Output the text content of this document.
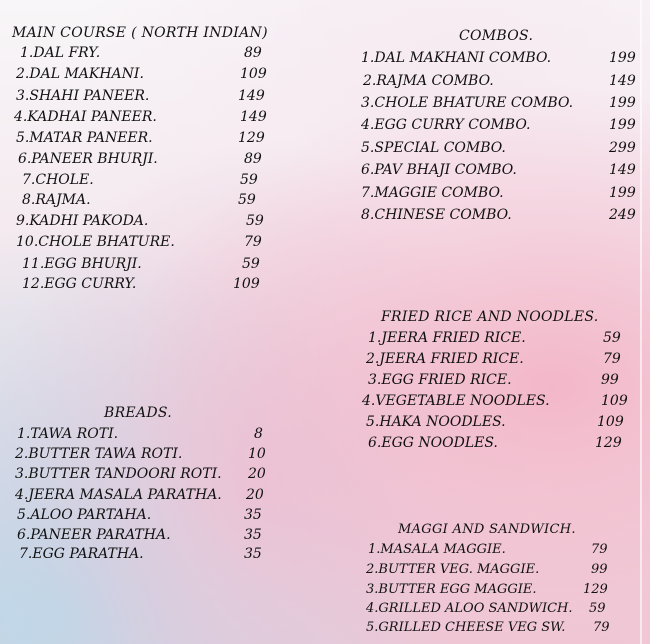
MAIN COURSE ( NORTH INDIAN)
1.DAL FRY.	89
2.DAL MAKHANI.	109
3.SHAHI PANEER.	149
4.KADHAI PANEER.	149
5.MATAR PANEER.	129
6.PANEER BHURJI.	89
7.CHOLE.	59
8.RAJMA.	59
9.KADHI PAKODA.	59
10.CHOLE BHATURE.	79
11.EGG BHURJI.	59
12.EGG CURRY.	109
COMBOS.
1.DAL MAKHANI COMBO.	199
2.RAJMA COMBO.	149
3.CHOLE BHATURE COMBO.	199
4.EGG CURRY COMBO.	199
5.SPECIAL COMBO.	299
6.PAV BHAJI COMBO.	149
7.MAGGIE COMBO.	199
8.CHINESE COMBO.	249
FRIED RICE AND NOODLES.
1.JEERA FRIED RICE.	59
2.JEERA FRIED RICE.	79
3.EGG FRIED RICE.	99
4.VEGETABLE NOODLES.	109
5.HAKA NOODLES.	109
6.EGG NOODLES.	129
BREADS.
1.TAWA ROTI.	8
2.BUTTER TAWA ROTI.	10
3.BUTTER TANDOORI ROTI. 20
4.JEERA MASALA PARATHA. 20
5.ALOO PARTAHA.	35
6.PANEER PARATHA.	35
7.EGG PARATHA.	35
MAGGI AND SANDWICH.
1.MASALA MAGGIE.	79
2.BUTTER VEG. MAGGIE.	99
3.BUTTER EGG MAGGIE.	129
4.GRILLED ALOO SANDWICH. 59
5.GRILLED CHEESE VEG SW. 79
